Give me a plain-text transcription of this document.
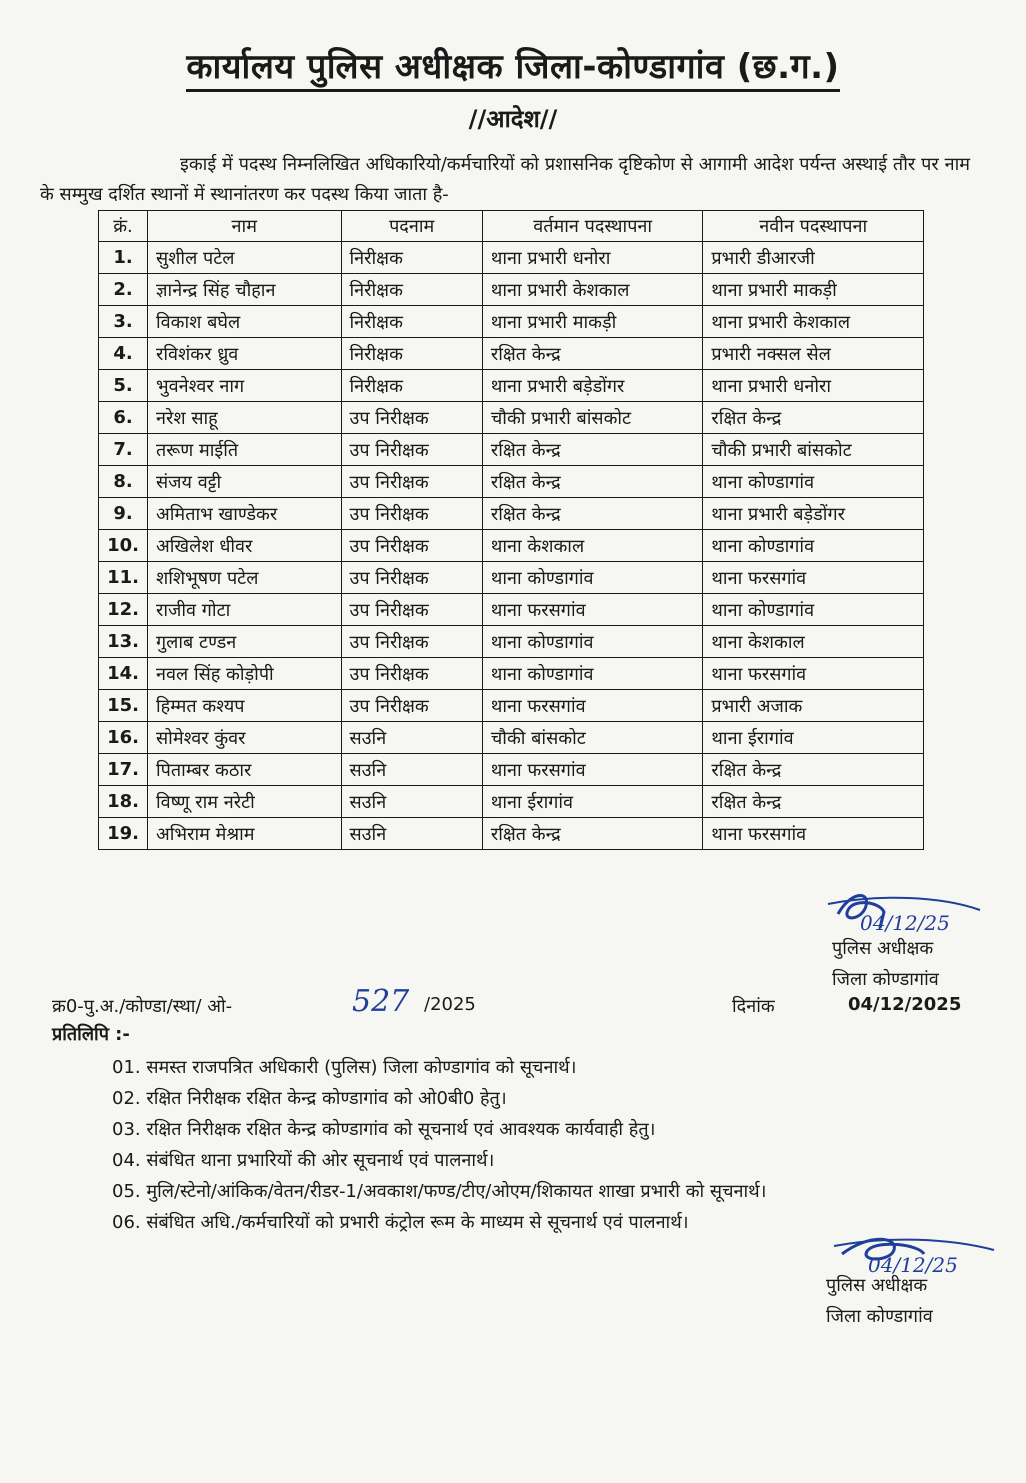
कार्यालय पुलिस अधीक्षक जिला-कोण्डागांव (छ.ग.)
//आदेश//
इकाई में पदस्थ निम्नलिखित अधिकारियो/कर्मचारियों को प्रशासनिक दृष्टिकोण से आगामी आदेश पर्यन्त अस्थाई तौर पर नाम के सम्मुख दर्शित स्थानों में स्थानांतरण कर पदस्थ किया जाता है-
क्रं.	नाम	पदनाम	वर्तमान पदस्थापना	नवीन पदस्थापना
1.	सुशील पटेल	निरीक्षक	थाना प्रभारी धनोरा	प्रभारी डीआरजी
2.	ज्ञानेन्द्र सिंह चौहान	निरीक्षक	थाना प्रभारी केशकाल	थाना प्रभारी माकड़ी
3.	विकाश बघेल	निरीक्षक	थाना प्रभारी माकड़ी	थाना प्रभारी केशकाल
4.	रविशंकर ध्रुव	निरीक्षक	रक्षित केन्द्र	प्रभारी नक्सल सेल
5.	भुवनेश्वर नाग	निरीक्षक	थाना प्रभारी बड़ेडोंगर	थाना प्रभारी धनोरा
6.	नरेश साहू	उप निरीक्षक	चौकी प्रभारी बांसकोट	रक्षित केन्द्र
7.	तरूण माईति	उप निरीक्षक	रक्षित केन्द्र	चौकी प्रभारी बांसकोट
8.	संजय वट्टी	उप निरीक्षक	रक्षित केन्द्र	थाना कोण्डागांव
9.	अमिताभ खाण्डेकर	उप निरीक्षक	रक्षित केन्द्र	थाना प्रभारी बड़ेडोंगर
10.	अखिलेश धीवर	उप निरीक्षक	थाना केशकाल	थाना कोण्डागांव
11.	शशिभूषण पटेल	उप निरीक्षक	थाना कोण्डागांव	थाना फरसगांव
12.	राजीव गोटा	उप निरीक्षक	थाना फरसगांव	थाना कोण्डागांव
13.	गुलाब टण्डन	उप निरीक्षक	थाना कोण्डागांव	थाना केशकाल
14.	नवल सिंह कोड़ोपी	उप निरीक्षक	थाना कोण्डागांव	थाना फरसगांव
15.	हिम्मत कश्यप	उप निरीक्षक	थाना फरसगांव	प्रभारी अजाक
16.	सोमेश्वर कुंवर	सउनि	चौकी बांसकोट	थाना ईरागांव
17.	पिताम्बर कठार	सउनि	थाना फरसगांव	रक्षित केन्द्र
18.	विष्णू राम नरेटी	सउनि	थाना ईरागांव	रक्षित केन्द्र
19.	अभिराम मेश्राम	सउनि	रक्षित केन्द्र	थाना फरसगांव
04/12/25
पुलिस अधीक्षक
जिला कोण्डागांव
क्र0-पु.अ./कोण्डा/स्था/ ओ-	527 /2025	दिनांक	04/12/2025
प्रतिलिपि :-
01. समस्त राजपत्रित अधिकारी (पुलिस) जिला कोण्डागांव को सूचनार्थ।
02. रक्षित निरीक्षक रक्षित केन्द्र कोण्डागांव को ओ0बी0 हेतु।
03. रक्षित निरीक्षक रक्षित केन्द्र कोण्डागांव को सूचनार्थ एवं आवश्यक कार्यवाही हेतु।
04. संबंधित थाना प्रभारियों की ओर सूचनार्थ एवं पालनार्थ।
05. मुलि/स्टेनो/आंकिक/वेतन/रीडर-1/अवकाश/फण्ड/टीए/ओएम/शिकायत शाखा प्रभारी को सूचनार्थ।
06. संबंधित अधि./कर्मचारियों को प्रभारी कंट्रोल रूम के माध्यम से सूचनार्थ एवं पालनार्थ।
04/12/25
पुलिस अधीक्षक
जिला कोण्डागांव
